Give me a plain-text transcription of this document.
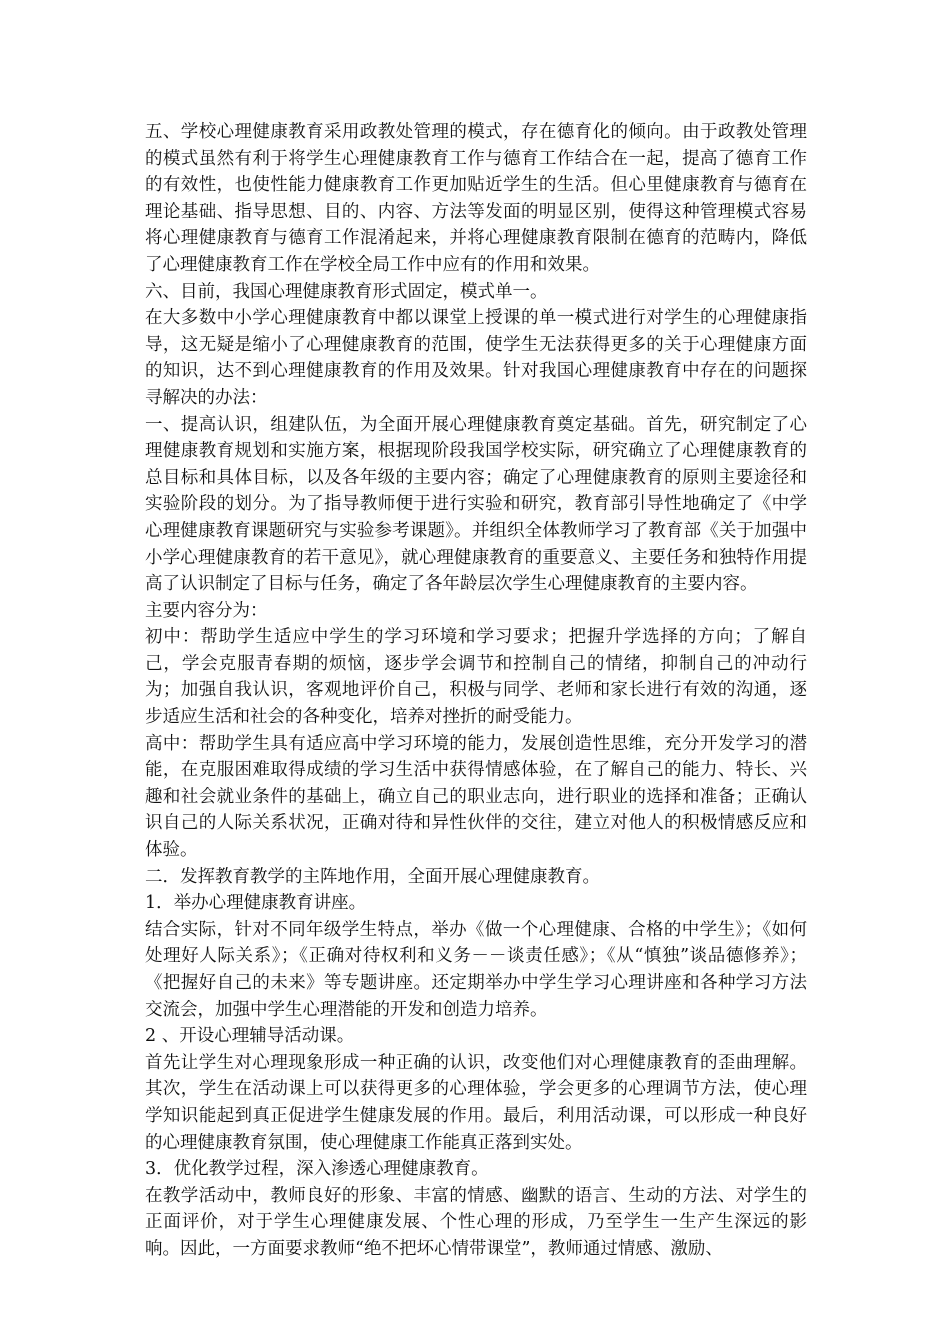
五、学校心理健康教育采用政教处管理的模式，存在德育化的倾向。由于政教处管理的模式虽然有利于将学生心理健康教育工作与德育工作结合在一起，提高了德育工作的有效性，也使性能力健康教育工作更加贴近学生的生活。但心里健康教育与德育在理论基础、指导思想、目的、内容、方法等发面的明显区别，使得这种管理模式容易将心理健康教育与德育工作混淆起来，并将心理健康教育限制在德育的范畴内，降低了心理健康教育工作在学校全局工作中应有的作用和效果。

六、目前，我国心理健康教育形式固定，模式单一。

在大多数中小学心理健康教育中都以课堂上授课的单一模式进行对学生的心理健康指导，这无疑是缩小了心理健康教育的范围，使学生无法获得更多的关于心理健康方面的知识，达不到心理健康教育的作用及效果。针对我国心理健康教育中存在的问题探寻解决的办法：

一、提高认识，组建队伍，为全面开展心理健康教育奠定基础。首先，研究制定了心理健康教育规划和实施方案，根据现阶段我国学校实际，研究确立了心理健康教育的总目标和具体目标，以及各年级的主要内容；确定了心理健康教育的原则主要途径和实验阶段的划分。为了指导教师便于进行实验和研究，教育部引导性地确定了《中学心理健康教育课题研究与实验参考课题》。并组织全体教师学习了教育部《关于加强中小学心理健康教育的若干意见》，就心理健康教育的重要意义、主要任务和独特作用提高了认识制定了目标与任务，确定了各年龄层次学生心理健康教育的主要内容。

主要内容分为：

初中：帮助学生适应中学生的学习环境和学习要求；把握升学选择的方向；了解自己，学会克服青春期的烦恼，逐步学会调节和控制自己的情绪，抑制自己的冲动行为；加强自我认识，客观地评价自己，积极与同学、老师和家长进行有效的沟通，逐步适应生活和社会的各种变化，培养对挫折的耐受能力。

高中：帮助学生具有适应高中学习环境的能力，发展创造性思维，充分开发学习的潜能，在克服困难取得成绩的学习生活中获得情感体验，在了解自己的能力、特长、兴趣和社会就业条件的基础上，确立自己的职业志向，进行职业的选择和准备；正确认识自己的人际关系状况，正确对待和异性伙伴的交往，建立对他人的积极情感反应和体验。

二．发挥教育教学的主阵地作用，全面开展心理健康教育。

1．举办心理健康教育讲座。

结合实际，针对不同年级学生特点，举办《做一个心理健康、合格的中学生》；《如何处理好人际关系》；《正确对待权利和义务－－谈责任感》；《从“慎独”谈品德修养》；《把握好自己的未来》等专题讲座。还定期举办中学生学习心理讲座和各种学习方法交流会，加强中学生心理潜能的开发和创造力培养。

2 、开设心理辅导活动课。

首先让学生对心理现象形成一种正确的认识，改变他们对心理健康教育的歪曲理解。其次，学生在活动课上可以获得更多的心理体验，学会更多的心理调节方法，使心理学知识能起到真正促进学生健康发展的作用。最后，利用活动课，可以形成一种良好的心理健康教育氛围，使心理健康工作能真正落到实处。

3．优化教学过程，深入渗透心理健康教育。

在教学活动中，教师良好的形象、丰富的情感、幽默的语言、生动的方法、对学生的正面评价，对于学生心理健康发展、个性心理的形成，乃至学生一生产生深远的影响。因此，一方面要求教师“绝不把坏心情带课堂”，教师通过情感、激励、
